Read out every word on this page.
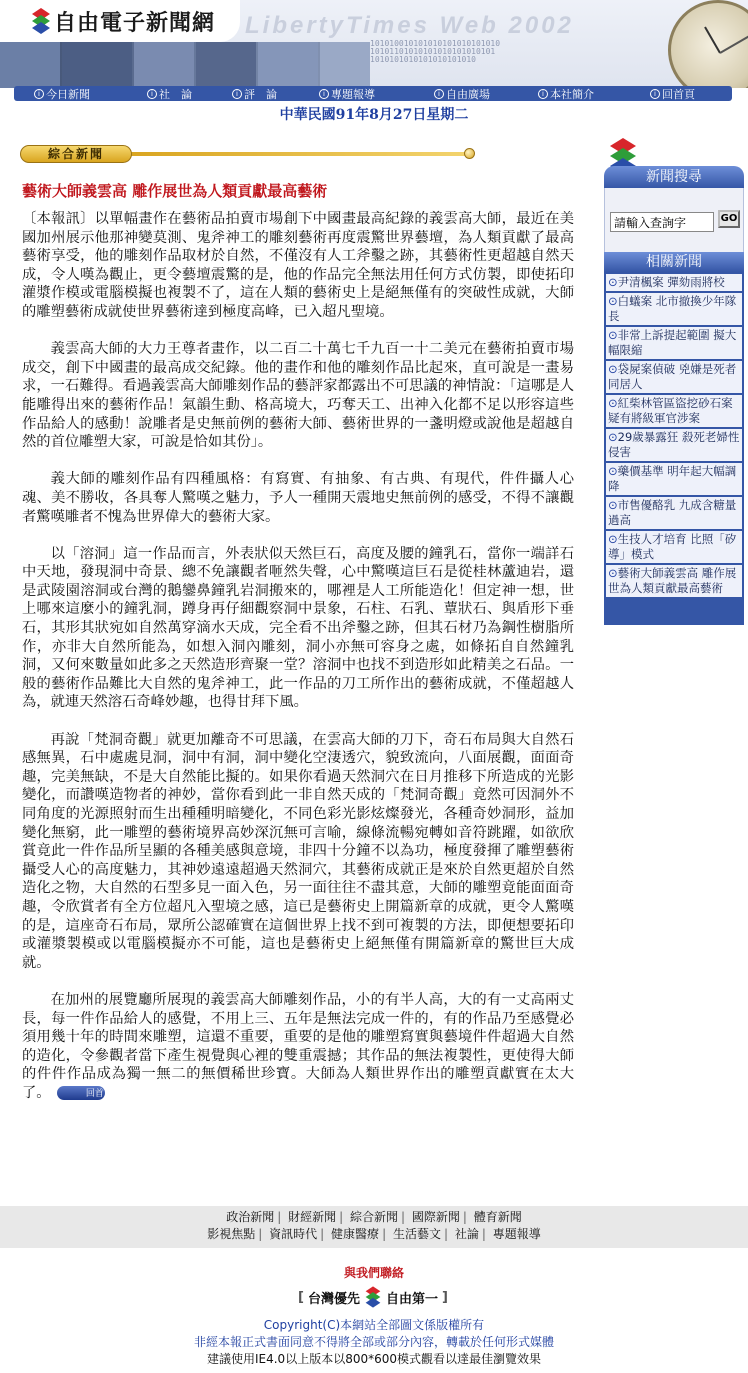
自由電子新聞網 LibertyTimes Web 2002
101010010101010101010101010
10101101010101010101010101
1010101010101010101010
i 今日新聞	i 社　論	i 評　論	i 專題報導	i 自由廣場	i 本社簡介	i 回首頁
中華民國91年8月27日星期二
綜合新聞
藝術大師義雲高 雕作展世為人類貢獻最高藝術

〔本報訊〕以單幅畫作在藝術品拍賣市場創下中國畫最高紀錄的義雲高大師，最近在美國加州展示他那神變莫測、鬼斧神工的雕刻藝術再度震驚世界藝壇，為人類貢獻了最高藝術享受，他的雕刻作品取材於自然，不僅沒有人工斧鑿之跡，其藝術性更超越自然天成，令人嘆為觀止，更令藝壇震驚的是，他的作品完全無法用任何方式仿製，即使拓印灌漿作模或電腦模擬也複製不了，這在人類的藝術史上是絕無僅有的突破性成就，大師的雕塑藝術成就使世界藝術達到極度高峰，已入超凡聖境。

義雲高大師的大力王尊者畫作，以二百二十萬七千九百一十二美元在藝術拍賣市場成交，創下中國畫的最高成交紀錄。他的畫作和他的雕刻作品比起來，直可說是一畫易求，一石難得。看過義雲高大師雕刻作品的藝評家都露出不可思議的神情說：「這哪是人能雕得出來的藝術作品！氣韻生動、格高境大，巧奪天工、出神入化都不足以形容這些作品給人的感動！說雕者是史無前例的藝術大師、藝術世界的一盞明燈或說他是超越自然的首位雕塑大家，可說是恰如其份」。

義大師的雕刻作品有四種風格：有寫實、有抽象、有古典、有現代，件件攝人心魂、美不勝收，各具奪人驚嘆之魅力，予人一種開天震地史無前例的感受，不得不讓觀者驚嘆雕者不愧為世界偉大的藝術大家。

以「溶洞」這一作品而言，外表狀似天然巨石，高度及腰的鐘乳石，當你一端詳石中天地，發現洞中奇景、總不免讓觀者咂然失聲，心中驚嘆這巨石是從桂林蘆迪岩，還是武陵園溶洞或台灣的鵝鑾鼻鐘乳岩洞搬來的，哪裡是人工所能造化！但定神一想，世上哪來這麼小的鐘乳洞，蹲身再仔細觀察洞中景象，石柱、石乳、蕈狀石、與盾形下垂石，其形其狀宛如自然萬穿滴水天成，完全看不出斧鑿之跡，但其石材乃為鋼性樹脂所作，亦非大自然所能為，如想入洞內雕刻，洞小亦無可容身之處，如條拓自自然鐘乳洞，又何來數量如此多之天然造形齊聚一堂？溶洞中也找不到造形如此精美之石品。一般的藝術作品難比大自然的鬼斧神工，此一作品的刀工所作出的藝術成就，不僅超越人為，就連天然溶石奇峰妙趣，也得甘拜下風。

再說「梵洞奇觀」就更加離奇不可思議，在雲高大師的刀下，奇石布局與大自然石感無異，石中處處見洞，洞中有洞，洞中變化空淒透穴，貌致流向，八面展觀，面面奇趣，完美無缺，不是大自然能比擬的。如果你看過天然洞穴在日月推移下所造成的光影變化，而讚嘆造物者的神妙，當你看到此一非自然天成的「梵洞奇觀」竟然可因洞外不同角度的光源照射而生出種種明暗變化，不同色彩光影炫燦發光，各種奇妙洞形，益加變化無窮，此一雕塑的藝術境界高妙深沉無可言喻，線條流暢宛轉如音符跳躍，如欲欣賞竟此一件作品所呈顯的各種美感與意境，非四十分鐘不以為功，極度發揮了雕塑藝術攝受人心的高度魅力，其神妙遠遠超過天然洞穴，其藝術成就正是來於自然更超於自然造化之物，大自然的石型多見一面入色，另一面往往不盡其意，大師的雕塑竟能面面奇趣，令欣賞者有全方位超凡入聖境之感，這已是藝術史上開篇新章的成就，更令人驚嘆的是，這座奇石布局，眾所公認確實在這個世界上找不到可複製的方法，即便想要拓印或灌漿製模或以電腦模擬亦不可能，這也是藝術史上絕無僅有開篇新章的驚世巨大成就。

在加州的展覽廳所展現的義雲高大師雕刻作品，小的有半人高，大的有一丈高兩丈長，每一件作品給人的感覺，不用上三、五年是無法完成一件的，有的作品乃至感覺必須用幾十年的時間來雕塑，這還不重要，重要的是他的雕塑寫實與藝境件件超過大自然的造化，令參觀者當下產生視覺與心裡的雙重震撼；其作品的無法複製性，更使得大師的件件作品成為獨一無二的無價稀世珍寶。大師為人類世界作出的雕塑貢獻實在太大了。	回首頁

新聞搜尋
請輸入查詢字
GO
相關新聞
⊙尹清楓案 彈劾雨將校
⊙白蟻案 北市撤換少年隊長
⊙非常上訴提起範圍 擬大幅限縮
⊙袋屍案偵破 兇嫌是死者同居人
⊙紅柴林管區盜挖砂石案 疑有將級軍官涉案
⊙29歲暴露狂 殺死老婦性侵害
⊙藥價基準 明年起大幅調降
⊙市售優酪乳 九成含糖量過高
⊙生技人才培育 比照「矽導」模式
⊙藝術大師義雲高 雕作展世為人類貢獻最高藝術
政治新聞 | 財經新聞 | 綜合新聞 | 國際新聞 | 體育新聞
影視焦點 | 資訊時代 | 健康醫療 | 生活藝文 | 社論 | 專題報導
與我們聯絡
[ 台灣優先 自由第一 ]
Copyright(C)本網站全部圖文係版權所有
非經本報正式書面同意不得將全部或部分內容，轉載於任何形式媒體
建議使用IE4.0以上版本以800*600模式觀看以達最佳瀏覽效果
